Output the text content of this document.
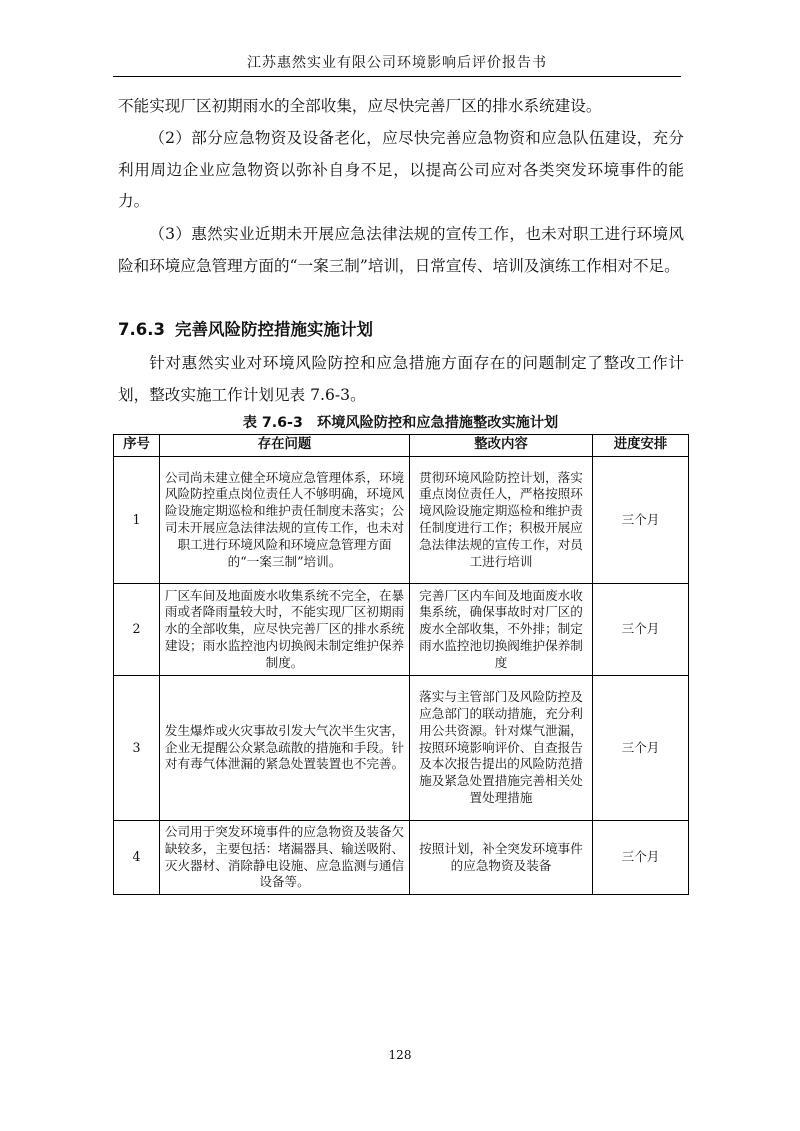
江苏惠然实业有限公司环境影响后评价报告书

不能实现厂区初期雨水的全部收集，应尽快完善厂区的排水系统建设。

（2）部分应急物资及设备老化，应尽快完善应急物资和应急队伍建设，充分利用周边企业应急物资以弥补自身不足，以提高公司应对各类突发环境事件的能力。

（3）惠然实业近期未开展应急法律法规的宣传工作，也未对职工进行环境风险和环境应急管理方面的“一案三制”培训，日常宣传、培训及演练工作相对不足。

7.6.3 完善风险防控措施实施计划

针对惠然实业对环境风险防控和应急措施方面存在的问题制定了整改工作计划，整改实施工作计划见表 7.6-3。

表 7.6-3　环境风险防控和应急措施整改实施计划
序号	存在问题	整改内容	进度安排
1	公司尚未建立健全环境应急管理体系，环境风险防控重点岗位责任人不够明确，环境风险设施定期巡检和维护责任制度未落实；公司未开展应急法律法规的宣传工作，也未对职工进行环境风险和环境应急管理方面的“一案三制”培训。	贯彻环境风险防控计划，落实重点岗位责任人，严格按照环境风险设施定期巡检和维护责任制度进行工作；积极开展应急法律法规的宣传工作，对员工进行培训	三个月
2	厂区车间及地面废水收集系统不完全，在暴雨或者降雨量较大时，不能实现厂区初期雨水的全部收集，应尽快完善厂区的排水系统建设；雨水监控池内切换阀未制定维护保养制度。	完善厂区内车间及地面废水收集系统，确保事故时对厂区的废水全部收集，不外排；制定雨水监控池切换阀维护保养制度	三个月
3	发生爆炸或火灾事故引发大气次半生灾害，企业无提醒公众紧急疏散的措施和手段。针对有毒气体泄漏的紧急处置装置也不完善。	落实与主管部门及风险防控及应急部门的联动措施，充分利用公共资源。针对煤气泄漏，按照环境影响评价、自查报告及本次报告提出的风险防范措施及紧急处置措施完善相关处置处理措施	三个月
4	公司用于突发环境事件的应急物资及装备欠缺较多，主要包括：堵漏器具、输送吸附、灭火器材、消除静电设施、应急监测与通信设备等。	按照计划，补全突发环境事件的应急物资及装备	三个月
128
